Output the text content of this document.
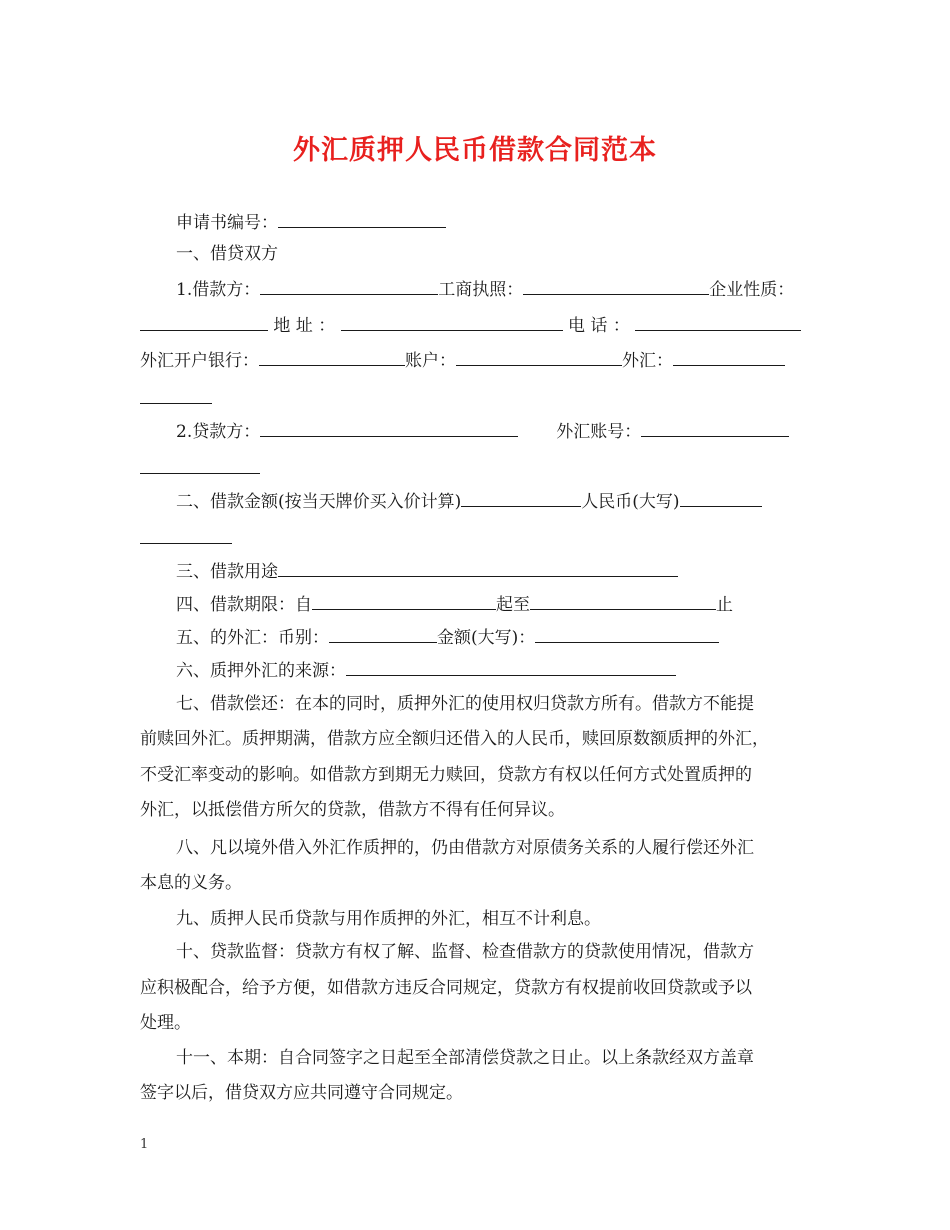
外汇质押人民币借款合同范本
申请书编号：
一、借贷双方
1.借款方：	工商执照：	企业性质：
地 址 ：	电 话 ：
外汇开户银行：	账户：	外汇：
2.贷款方：	外汇账号：
二、借款金额(按当天牌价买入价计算)	人民币(大写)
三、借款用途
四、借款期限：自	起至	止
五、的外汇：币别：	金额(大写)：
六、质押外汇的来源：
七、借款偿还：在本的同时，质押外汇的使用权归贷款方所有。借款方不能提
前赎回外汇。质押期满，借款方应全额归还借入的人民币，赎回原数额质押的外汇，
不受汇率变动的影响。如借款方到期无力赎回，贷款方有权以任何方式处置质押的
外汇，以抵偿借方所欠的贷款，借款方不得有任何异议。
八、凡以境外借入外汇作质押的，仍由借款方对原债务关系的人履行偿还外汇
本息的义务。
九、质押人民币贷款与用作质押的外汇，相互不计利息。
十、贷款监督：贷款方有权了解、监督、检查借款方的贷款使用情况，借款方
应积极配合，给予方便，如借款方违反合同规定，贷款方有权提前收回贷款或予以
处理。
十一、本期：自合同签字之日起至全部清偿贷款之日止。以上条款经双方盖章
签字以后，借贷双方应共同遵守合同规定。
1
